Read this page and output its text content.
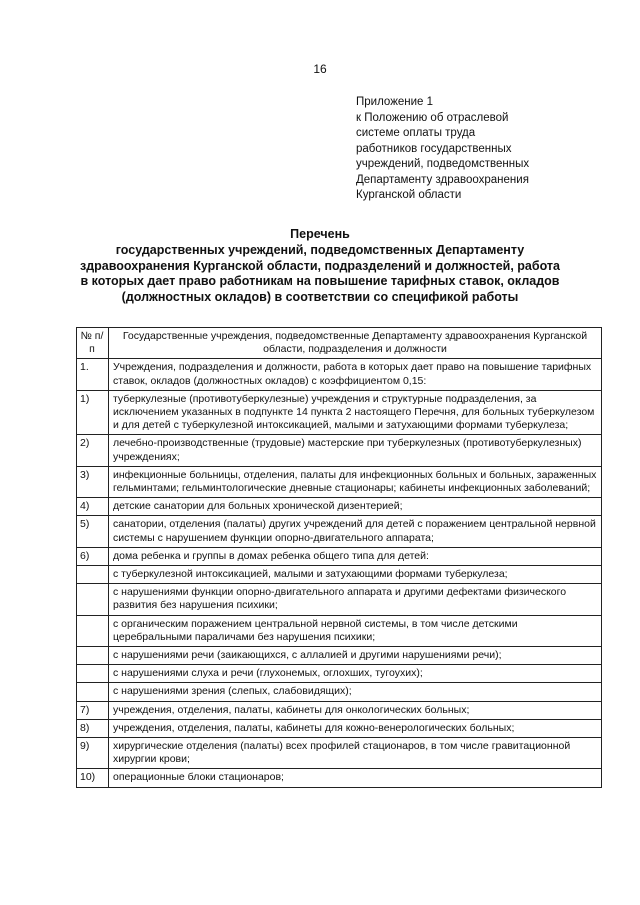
16
Приложение 1
к Положению об отраслевой
системе оплаты труда
работников государственных
учреждений, подведомственных
Департаменту здравоохранения
Курганской области
Перечень
государственных учреждений, подведомственных Департаменту
здравоохранения Курганской области, подразделений и должностей, работа
в которых дает право работникам на повышение тарифных ставок, окладов
(должностных окладов) в соответствии со спецификой работы
№ п/п	Государственные учреждения, подведомственные Департаменту здравоохранения Курганской области, подразделения и должности
1.	Учреждения, подразделения и должности, работа в которых дает право на повышение тарифных ставок, окладов (должностных окладов) с коэффициентом 0,15:
1)	туберкулезные (противотуберкулезные) учреждения и структурные подразделения, за исключением указанных в подпункте 14 пункта 2 настоящего Перечня, для больных туберкулезом и для детей с туберкулезной интоксикацией, малыми и затухающими формами туберкулеза;
2)	лечебно-производственные (трудовые) мастерские при туберкулезных (противотуберкулезных) учреждениях;
3)	инфекционные больницы, отделения, палаты для инфекционных больных и больных, зараженных гельминтами; гельминтологические дневные стационары; кабинеты инфекционных заболеваний;
4)	детские санатории для больных хронической дизентерией;
5)	санатории, отделения (палаты) других учреждений для детей с поражением центральной нервной системы с нарушением функции опорно-двигательного аппарата;
6)	дома ребенка и группы в домах ребенка общего типа для детей:
	с туберкулезной интоксикацией, малыми и затухающими формами туберкулеза;
	с нарушениями функции опорно-двигательного аппарата и другими дефектами физического развития без нарушения психики;
	с органическим поражением центральной нервной системы, в том числе детскими церебральными параличами без нарушения психики;
	с нарушениями речи (заикающихся, с аллалией и другими нарушениями речи);
	с нарушениями слуха и речи (глухонемых, оглохших, тугоухих);
	с нарушениями зрения (слепых, слабовидящих);
7)	учреждения, отделения, палаты, кабинеты для онкологических больных;
8)	учреждения, отделения, палаты, кабинеты для кожно-венерологических больных;
9)	хирургические отделения (палаты) всех профилей стационаров, в том числе гравитационной хирургии крови;
10)	операционные блоки стационаров;
